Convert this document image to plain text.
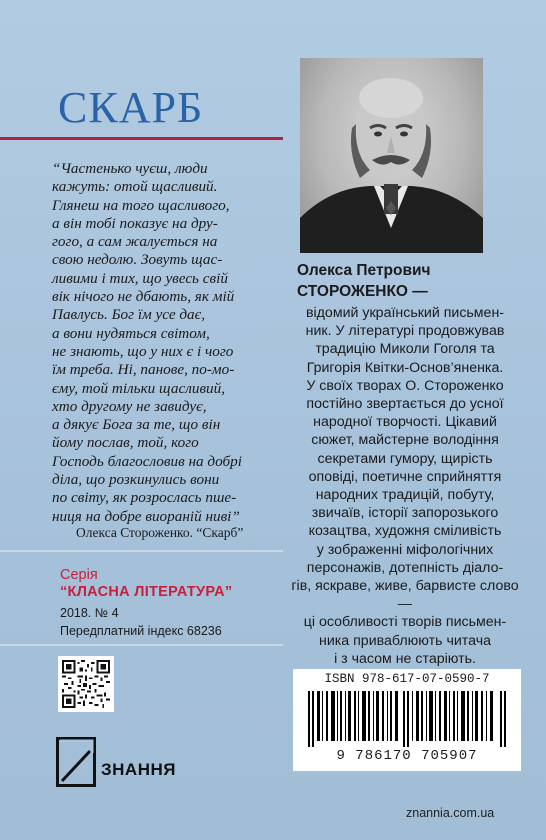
СКАРБ
“Частенько чуєш, люди
кажуть: отой щасливий.
Глянеш на того щасливого,
а він тобі показує на дру-
гого, а сам жалується на
свою недолю. Зовуть щас-
ливими і тих, що увесь свій
вік нічого не дбають, як мій
Павлусь. Бог їм усе дає,
а вони нудяться світом,
не знають, що у них є і чого
їм треба. Ні, панове, по-мо-
єму, той тільки щасливий,
хто другому не завидує,
а дякує Бога за те, що він
йому послав, той, кого
Господь благословив на добрі
діла, що розкинулись вони
по світу, як розрослась пше-
ниця на добре виораній ниві”
Олекса Стороженко. “Скарб”
Серія
“КЛАСНА ЛІТЕРАТУРА”
2018. № 4
Передплатний індекс 68236
ЗНАННЯ
Олекса Петрович
СТОРОЖЕНКО —
відомий український письмен-
ник. У літературі продовжував
традицію Миколи Гоголя та
Григорія Квітки-Основ’яненка.
У своїх творах О. Стороженко
постійно звертається до усної
народної творчості. Цікавий
сюжет, майстерне володіння
секретами гумору, щирість
оповіді, поетичне сприйняття
народних традицій, побуту,
звичаїв, історії запорозького
козацтва, художня сміливість
у зображенні міфологічних
персонажів, дотепність діало-
гів, яскраве, живе, барвисте слово —
ці особливості творів письмен-
ника приваблюють читача
і з часом не старіють.
ISBN 978-617-07-0590-7
9 786170 705907
znannia.com.ua
